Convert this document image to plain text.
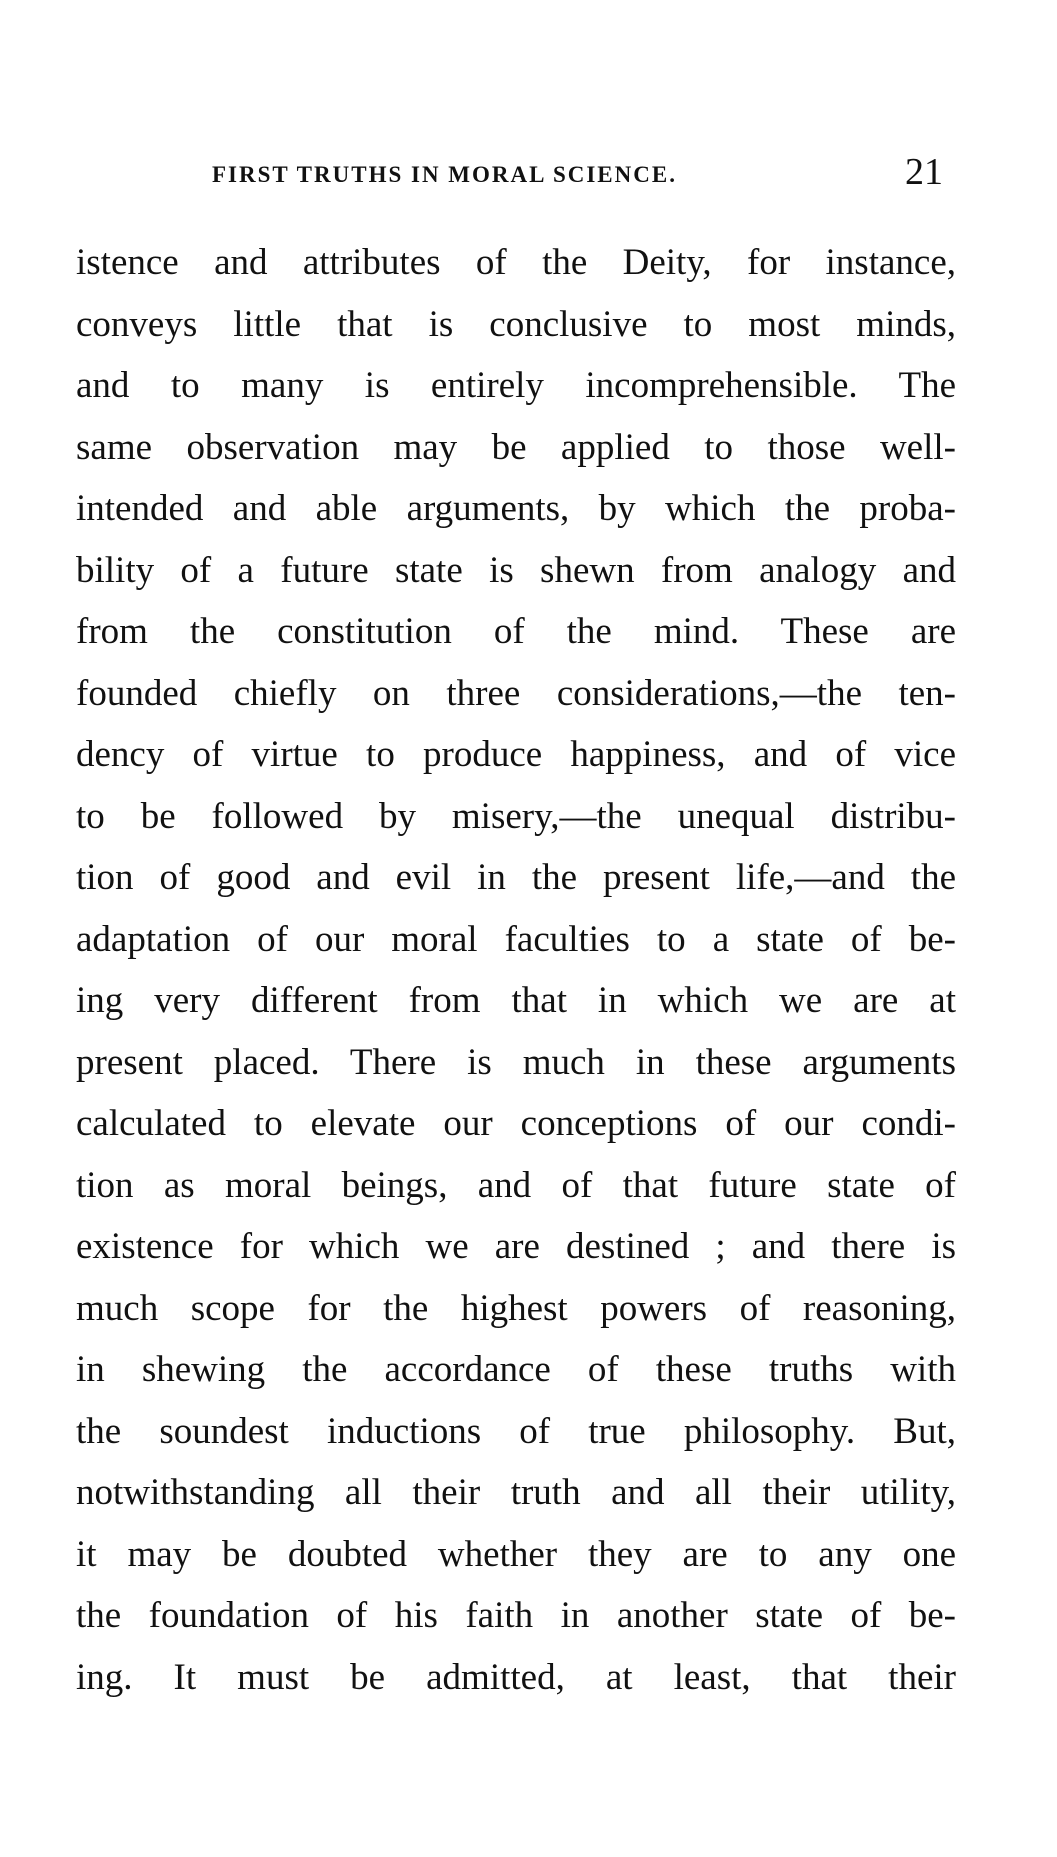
FIRST TRUTHS IN MORAL SCIENCE.	21
istence and attributes of the Deity, for instance,
conveys little that is conclusive to most minds,
and to many is entirely incomprehensible. The
same observation may be applied to those well-
intended and able arguments, by which the proba-
bility of a future state is shewn from analogy and
from the constitution of the mind. These are
founded chiefly on three considerations,—the ten-
dency of virtue to produce happiness, and of vice
to be followed by misery,—the unequal distribu-
tion of good and evil in the present life,—and the
adaptation of our moral faculties to a state of be-
ing very different from that in which we are at
present placed. There is much in these arguments
calculated to elevate our conceptions of our condi-
tion as moral beings, and of that future state of
existence for which we are destined ; and there is
much scope for the highest powers of reasoning,
in shewing the accordance of these truths with
the soundest inductions of true philosophy. But,
notwithstanding all their truth and all their utility,
it may be doubted whether they are to any one
the foundation of his faith in another state of be-
ing. It must be admitted, at least, that their
